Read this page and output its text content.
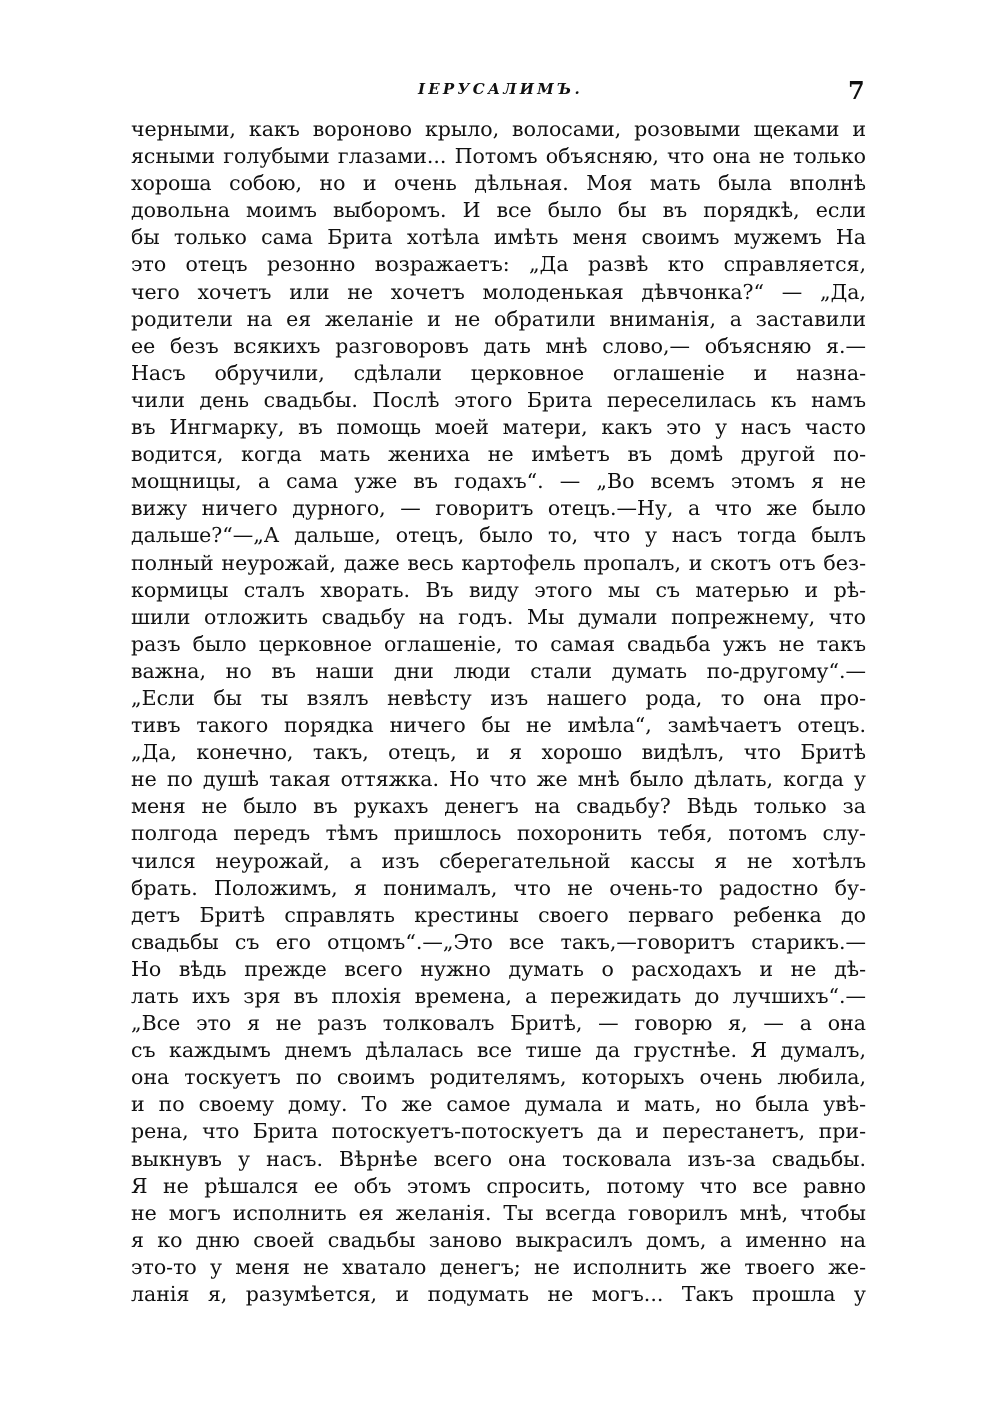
ІЕРУСАЛИМЪ.	7
черными, какъ вороново крыло, волосами, розовыми щеками и
ясными голубыми глазами... Потомъ объясняю, что она не только
хороша собою, но и очень дѣльная. Моя мать была вполнѣ
довольна моимъ выборомъ. И все было бы въ порядкѣ, если
бы только сама Брита хотѣла имѣть меня своимъ мужемъ На
это отецъ резонно возражаетъ: „Да развѣ кто справляется,
чего хочетъ или не хочетъ молоденькая дѣвчонка?“ — „Да,
родители на ея желаніе и не обратили вниманія, а заставили
ее безъ всякихъ разговоровъ дать мнѣ слово,— объясняю я.—
Насъ обручили, сдѣлали церковное оглашеніе и назна-
чили день свадьбы. Послѣ этого Брита переселилась къ намъ
въ Ингмарку, въ помощь моей матери, какъ это у насъ часто
водится, когда мать жениха не имѣетъ въ домѣ другой по-
мощницы, а сама уже въ годахъ“. — „Во всемъ этомъ я не
вижу ничего дурного, — говоритъ отецъ.—Ну, а что же было
дальше?“—„А дальше, отецъ, было то, что у насъ тогда былъ
полный неурожай, даже весь картофель пропалъ, и скотъ отъ без-
кормицы сталъ хворать. Въ виду этого мы съ матерью и рѣ-
шили отложить свадьбу на годъ. Мы думали попрежнему, что
разъ было церковное оглашеніе, то самая свадьба ужъ не такъ
важна, но въ наши дни люди стали думать по-другому“.—
„Если бы ты взялъ невѣсту изъ нашего рода, то она про-
тивъ такого порядка ничего бы не имѣла“, замѣчаетъ отецъ.
„Да, конечно, такъ, отецъ, и я хорошо видѣлъ, что Бритѣ
не по душѣ такая оттяжка. Но что же мнѣ было дѣлать, когда у
меня не было въ рукахъ денегъ на свадьбу? Вѣдь только за
полгода передъ тѣмъ пришлось похоронить тебя, потомъ слу-
чился неурожай, а изъ сберегательной кассы я не хотѣлъ
брать. Положимъ, я понималъ, что не очень-то радостно бу-
детъ Бритѣ справлять крестины своего перваго ребенка до
свадьбы съ его отцомъ“.—„Это все такъ,—говоритъ старикъ.—
Но вѣдь прежде всего нужно думать о расходахъ и не дѣ-
лать ихъ зря въ плохія времена, а пережидать до лучшихъ“.—
„Все это я не разъ толковалъ Бритѣ, — говорю я, — а она
съ каждымъ днемъ дѣлалась все тише да грустнѣе. Я думалъ,
она тоскуетъ по своимъ родителямъ, которыхъ очень любила,
и по своему дому. То же самое думала и мать, но была увѣ-
рена, что Брита потоскуетъ-потоскуетъ да и перестанетъ, при-
выкнувъ у насъ. Вѣрнѣе всего она тосковала изъ-за свадьбы.
Я не рѣшался ее объ этомъ спросить, потому что все равно
не могъ исполнить ея желанія. Ты всегда говорилъ мнѣ, чтобы
я ко дню своей свадьбы заново выкрасилъ домъ, а именно на
это-то у меня не хватало денегъ; не исполнить же твоего же-
ланія я, разумѣется, и подумать не могъ... Такъ прошла у
